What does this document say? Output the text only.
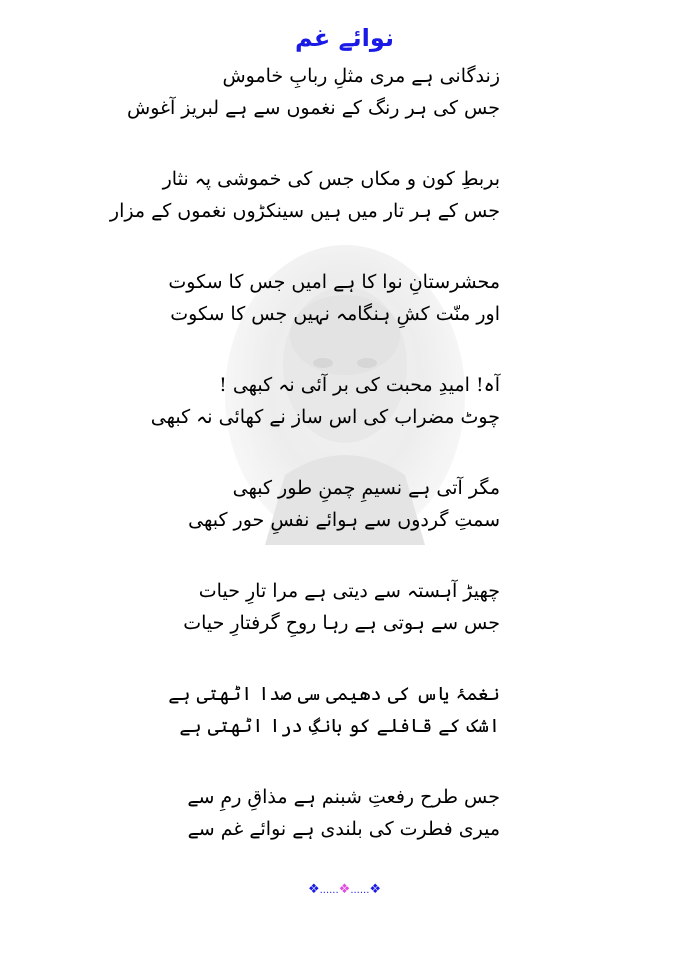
نوائے غم
زندگانی ہے مری مثلِ ربابِ خاموش
جس کی ہر رنگ کے نغموں سے ہے لبریز آغوش
بربطِ کون و مکاں جس کی خموشی پہ نثار
جس کے ہر تار میں ہیں سینکڑوں نغموں کے مزار
محشرستانِ نوا کا ہے امیں جس کا سکوت
اور منّت کشِ ہنگامہ نہیں جس کا سکوت
آہ! امیدِ محبت کی بر آئی نہ کبھی !
چوٹ مضراب کی اس ساز نے کھائی نہ کبھی
مگر آتی ہے نسیمِ چمنِ طور کبھی
سمتِ گردوں سے ہوائے نفسِ حور کبھی
چھیڑ آہستہ سے دیتی ہے مرا تارِ حیات
جس سے ہوتی ہے رہا روحِ گرفتارِ حیات
نغمۂ یاس کی دھیمی سی صدا اٹھتی ہے
اشک کے قافلے کو بانگِ درا اٹھتی ہے
جس طرح رفعتِ شبنم ہے مذاقِ رمِ سے
میری فطرت کی بلندی ہے نوائے غم سے
❖......❖......❖
